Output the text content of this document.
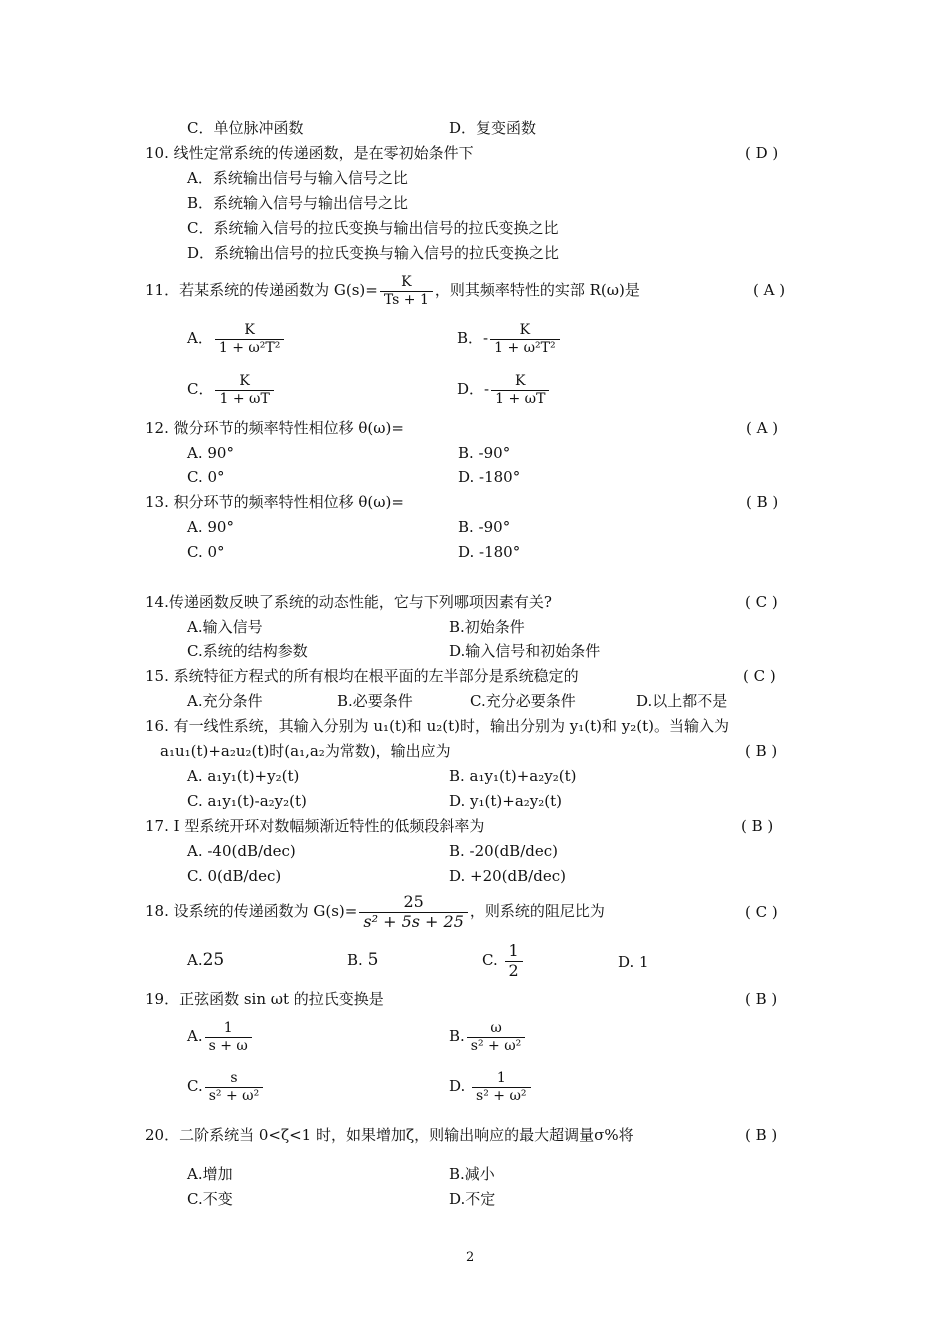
C．单位脉冲函数	D．复变函数
10. 线性定常系统的传递函数，是在零初始条件下	( D )
A．系统输出信号与输入信号之比
B．系统输入信号与输出信号之比
C．系统输入信号的拉氏变换与输出信号的拉氏变换之比
D．系统输出信号的拉氏变换与输入信号的拉氏变换之比
11．若某系统的传递函数为 $G(s)= \frac{K}{Ts + 1}$ ，则其频率特性的实部 R(ω)是	( A )
A． $\frac{K}{\text{1 + ω²T²}}$	B．- $\frac{K}{\text{1 + ω²T²}}$
C． $\frac{K}{1 + \omega T}$	D．- $\frac{K}{1 + \omega T}$
12. 微分环节的频率特性相位移 θ(ω)=	( A )
A. 90°	B. -90°
C. 0°	D. -180°
13. 积分环节的频率特性相位移 θ(ω)=	( B )
A. 90°	B. -90°
C. 0°	D. -180°
14.传递函数反映了系统的动态性能，它与下列哪项因素有关?	( C )
A.输入信号	B.初始条件
C.系统的结构参数	D.输入信号和初始条件
15. 系统特征方程式的所有根均在根平面的左半部分是系统稳定的	( C )
A.充分条件	B.必要条件	C.充分必要条件	D.以上都不是
16. 有一线性系统，其输入分别为 u₁(t)和 u₂(t)时，输出分别为 y₁(t)和 y₂(t)。当输入为
a₁u₁(t)+a₂u₂(t)时(a₁,a₂为常数)，输出应为	( B )
A. a₁y₁(t)+y₂(t)	B. a₁y₁(t)+a₂y₂(t)
C. a₁y₁(t)-a₂y₂(t)	D. y₁(t)+a₂y₂(t)
17. I 型系统开环对数幅频渐近特性的低频段斜率为	( B )
A. -40(dB/dec)	B. -20(dB/dec)
C. 0(dB/dec)	D. +20(dB/dec)
18. 设系统的传递函数为 $G(s)= \frac{25}{\text{s² + 5s + 25}}$ ，则系统的阻尼比为	( C )
A.25	B. 5	C. $\frac{1}{2}$	D. 1
19．正弦函数 sin ωt 的拉氏变换是	( B )
A. $\frac{1}{s + \omega}$	B. $\frac{\omega}{\text{s² + ω²}}$
C. $\frac{s}{\text{s² + ω²}}$	D. $\frac{1}{\text{s² + ω²}}$
20．二阶系统当 0<ζ<1 时，如果增加ζ，则输出响应的最大超调量σ%将	( B )
A.增加	B.减小
C.不变	D.不定
2
